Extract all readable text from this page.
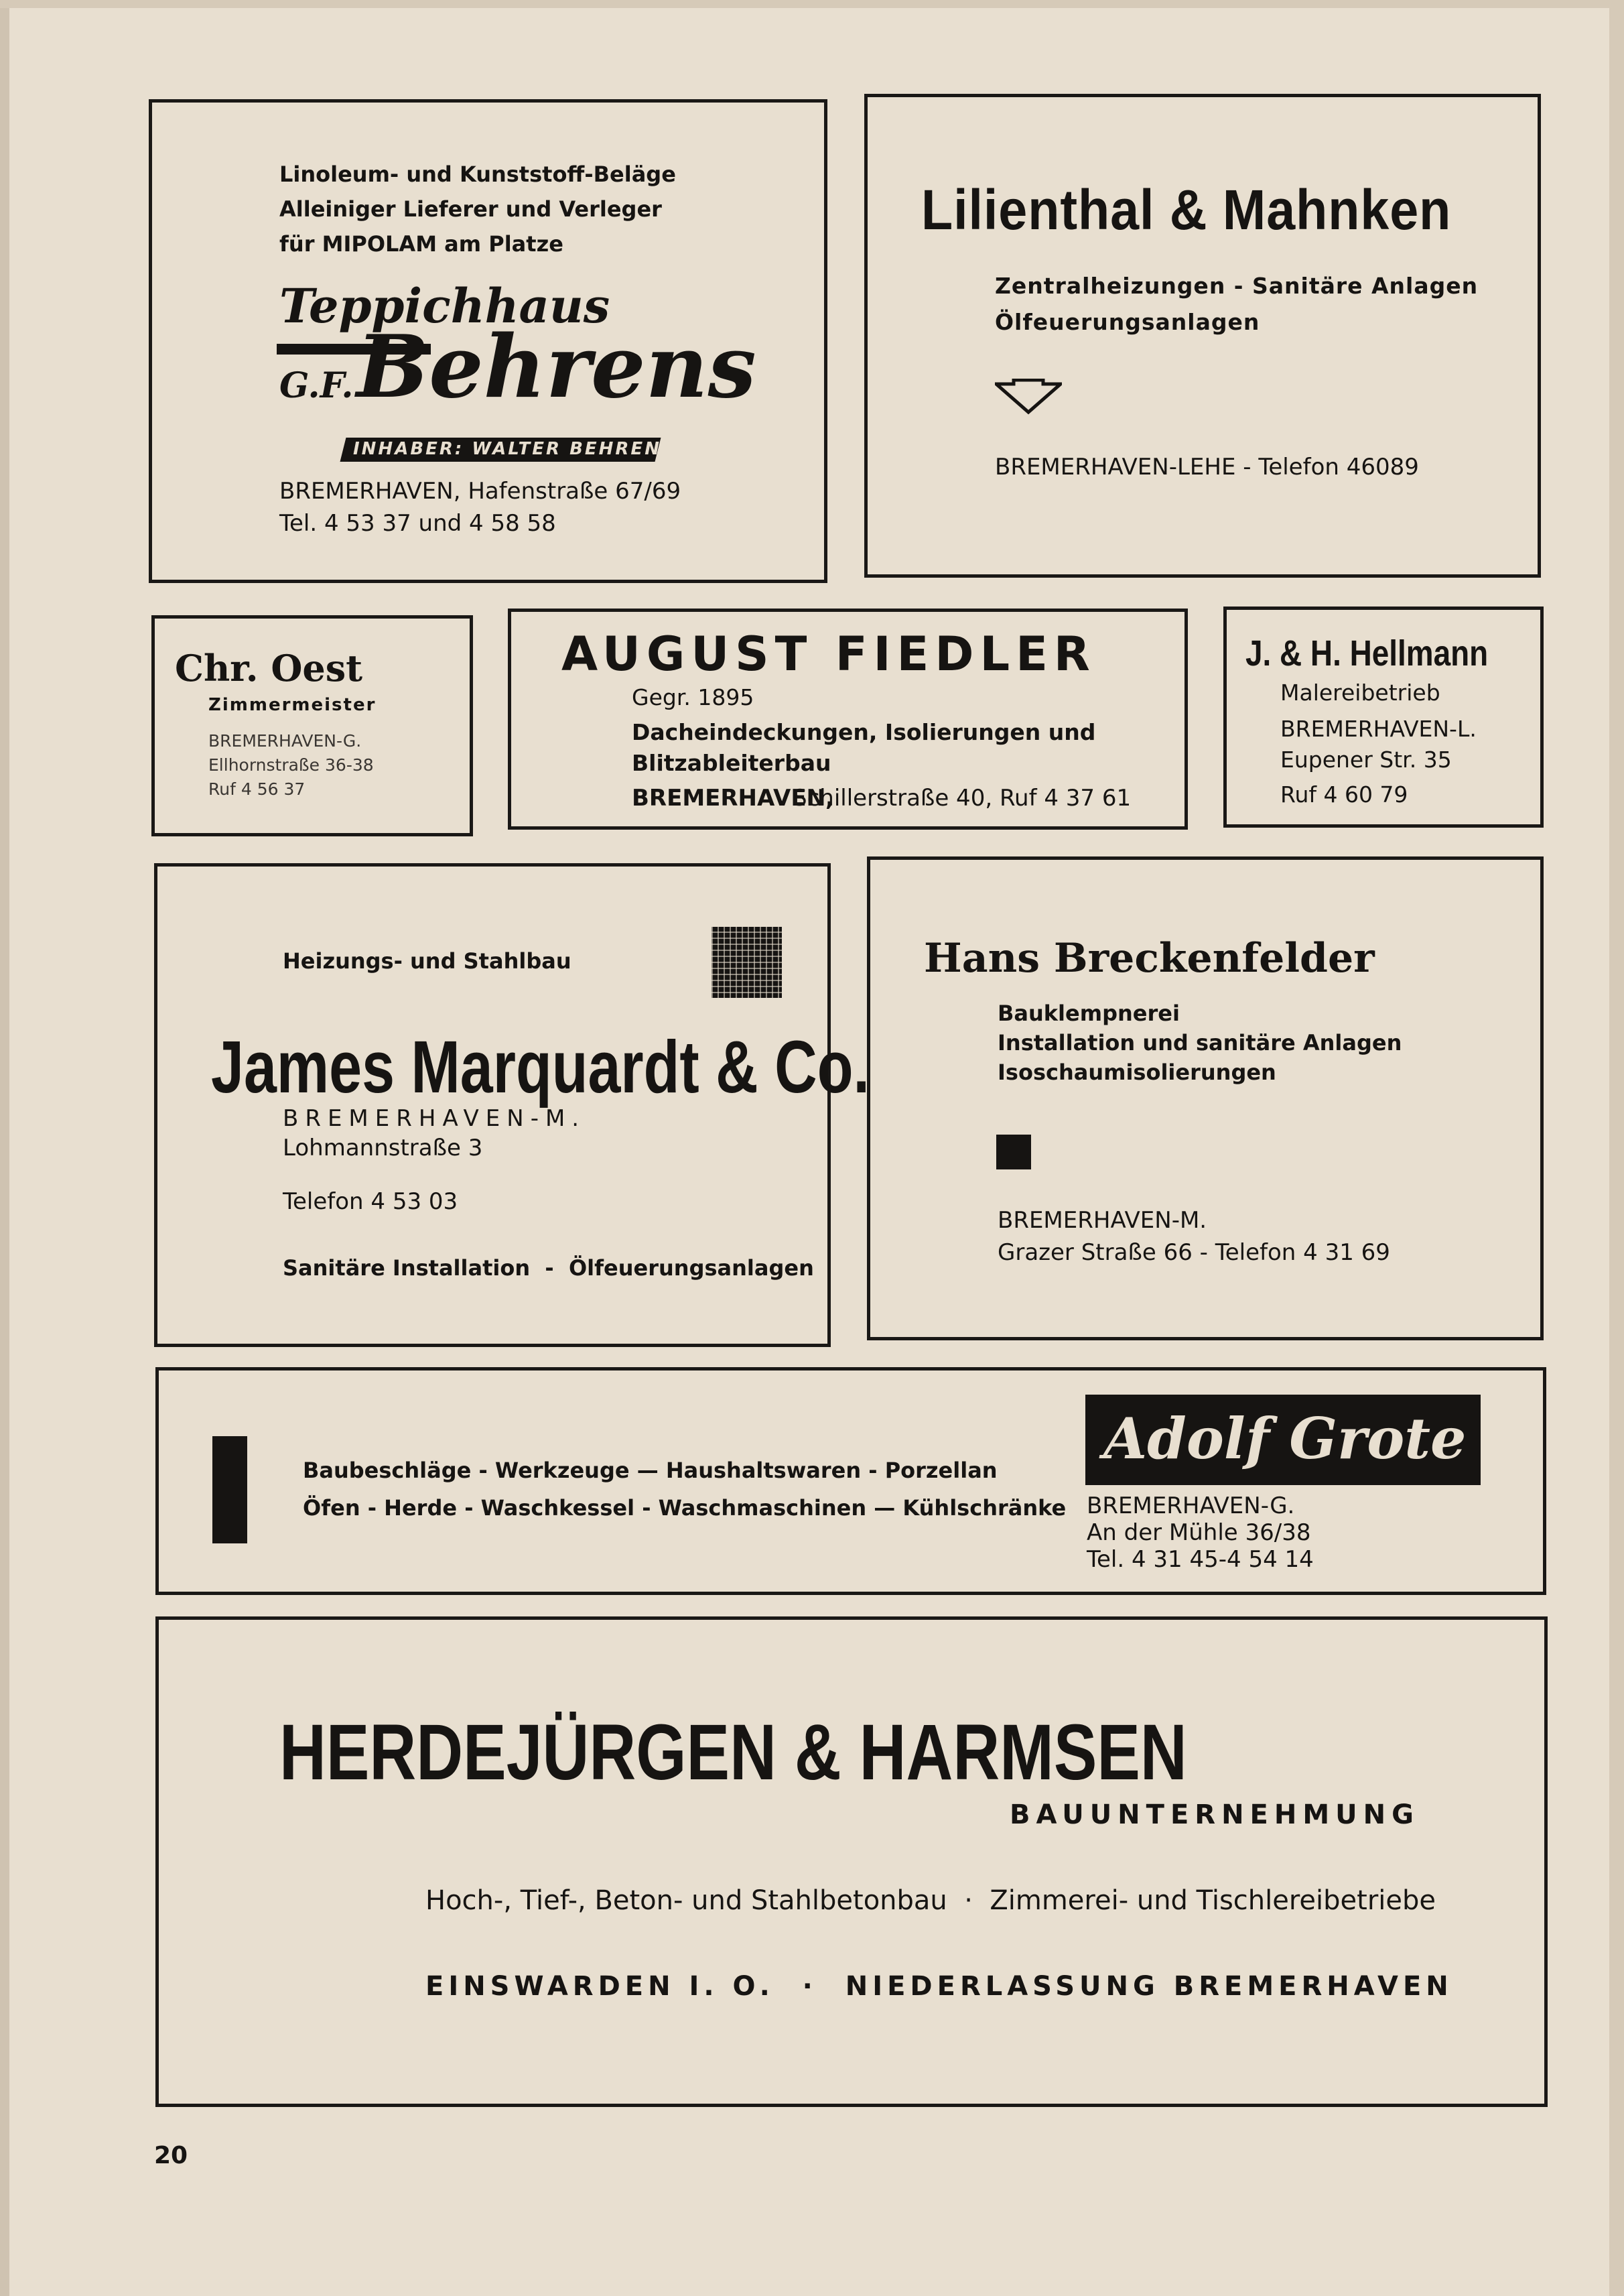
Linoleum- und Kunststoff-Beläge
Alleiniger Lieferer und Verleger
für MIPOLAM am Platze
Teppichhaus
G.F. Behrens
INHABER: WALTER BEHRENS
BREMERHAVEN, Hafenstraße 67/69
Tel. 4 53 37 und 4 58 58
Lilienthal & Mahnken
Zentralheizungen - Sanitäre Anlagen
Ölfeuerungsanlagen
BREMERHAVEN-LEHE - Telefon 46089
Chr. Oest
Zimmermeister
BREMERHAVEN-G.
Ellhornstraße 36-38
Ruf 4 56 37
AUGUST FIEDLER
Gegr. 1895
Dacheindeckungen, Isolierungen und
Blitzableiterbau
BREMERHAVEN,
Schillerstraße 40, Ruf 4 37 61
J. & H. Hellmann
Malereibetrieb
BREMERHAVEN-L.
Eupener Str. 35
Ruf 4 60 79
Heizungs- und Stahlbau
James Marquardt & Co.
BREMERHAVEN-M.
Lohmannstraße 3
Telefon 4 53 03
Sanitäre Installation  -  Ölfeuerungsanlagen
Hans Breckenfelder
Bauklempnerei
Installation und sanitäre Anlagen
Isoschaumisolierungen
BREMERHAVEN-M.
Grazer Straße 66 - Telefon 4 31 69
Baubeschläge - Werkzeuge — Haushaltswaren - Porzellan
Öfen - Herde - Waschkessel - Waschmaschinen — Kühlschränke
Adolf Grote
BREMERHAVEN-G.
An der Mühle 36/38
Tel. 4 31 45-4 54 14
HERDEJÜRGEN & HARMSEN
BAUUNTERNEHMUNG
Hoch-, Tief-, Beton- und Stahlbetonbau  ·  Zimmerei- und Tischlereibetriebe
EINSWARDEN I. O.  ·  NIEDERLASSUNG BREMERHAVEN
20
